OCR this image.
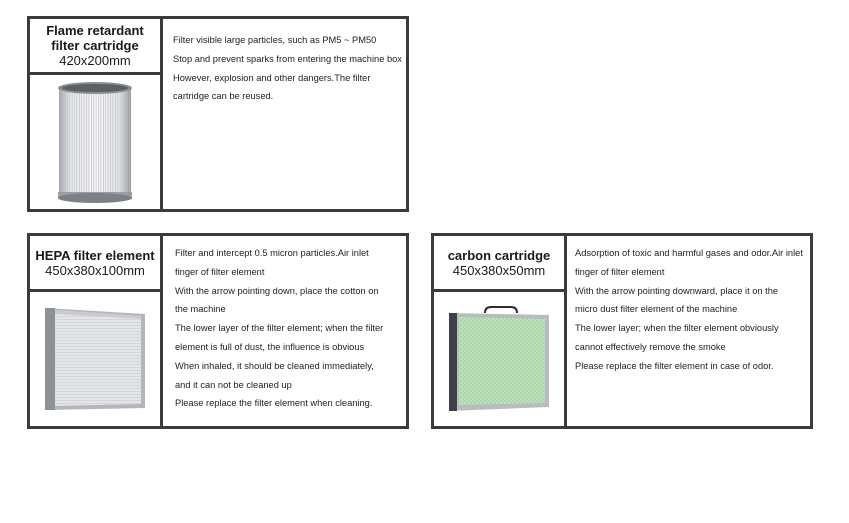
Flame retardant
filter cartridge
420x200mm

Filter visible large particles, such as PM5 ~ PM50

Stop and prevent sparks from entering the machine box

However, explosion and other dangers.The filter

cartridge can be reused.

HEPA filter element
450x380x100mm

Filter and intercept 0.5 micron particles.Air inlet

finger of filter element

With the arrow pointing down, place the cotton on

the machine

The lower layer of the filter element; when the filter

element is full of dust, the influence is obvious

When inhaled, it should be cleaned immediately,

and it can not be cleaned up

Please replace the filter element when cleaning.

carbon cartridge
450x380x50mm

Adsorption of toxic and harmful gases and odor.Air inlet

finger of filter element

With the arrow pointing downward, place it on the

micro dust filter element of the machine

The lower layer; when the filter element obviously

cannot effectively remove the smoke

Please replace the filter element in case of odor.
